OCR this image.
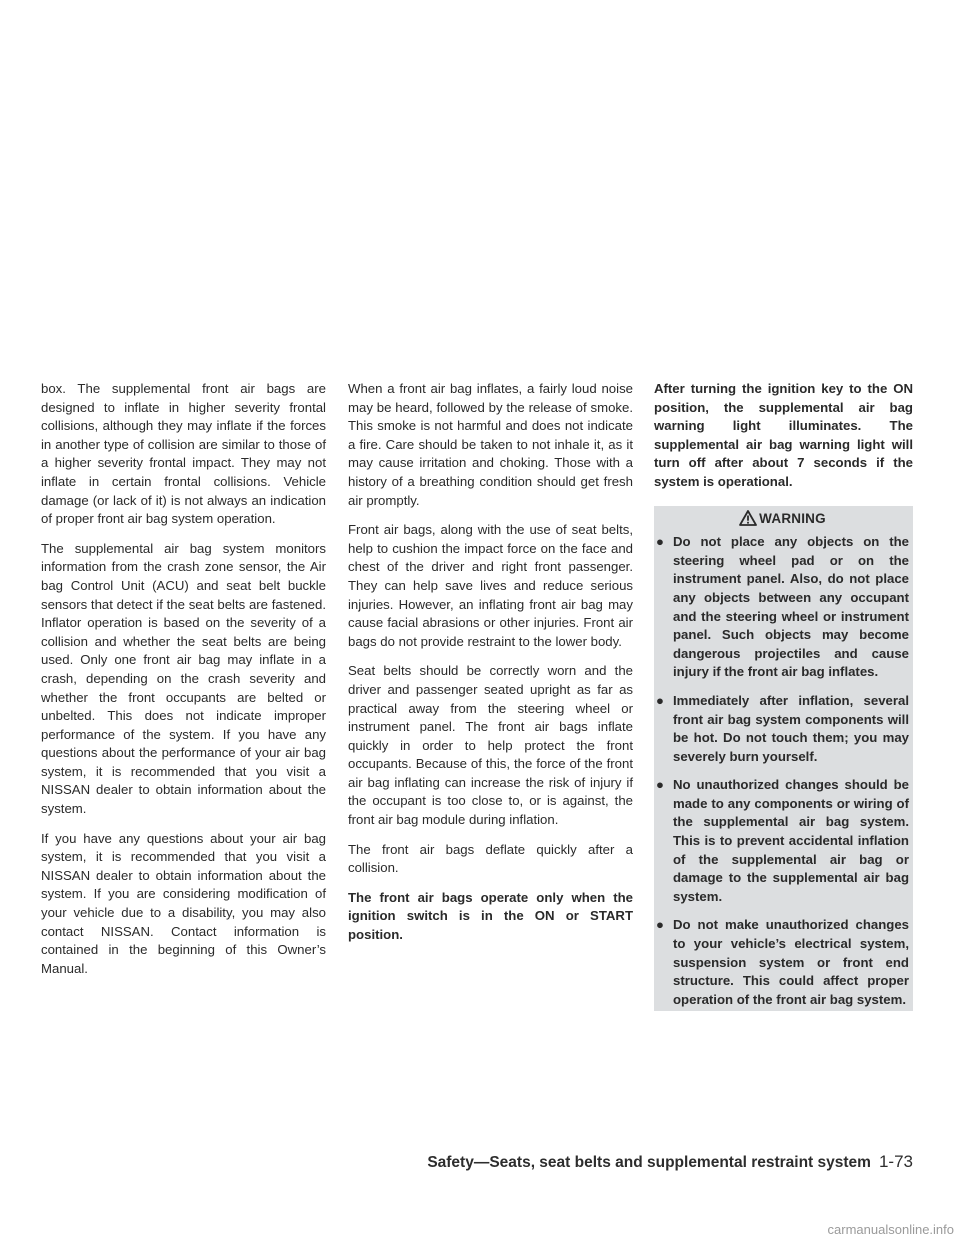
box. The supplemental front air bags are designed to inflate in higher severity frontal collisions, although they may inflate if the forces in another type of collision are similar to those of a higher severity frontal impact. They may not inflate in certain frontal collisions. Vehicle damage (or lack of it) is not always an indication of proper front air bag system operation.

The supplemental air bag system monitors information from the crash zone sensor, the Air bag Control Unit (ACU) and seat belt buckle sensors that detect if the seat belts are fastened. Inflator operation is based on the severity of a collision and whether the seat belts are being used. Only one front air bag may inflate in a crash, depending on the crash severity and whether the front occupants are belted or unbelted. This does not indicate improper performance of the system. If you have any questions about the performance of your air bag system, it is recommended that you visit a NISSAN dealer to obtain information about the system.

If you have any questions about your air bag system, it is recommended that you visit a NISSAN dealer to obtain information about the system. If you are considering modification of your vehicle due to a disability, you may also contact NISSAN. Contact information is contained in the beginning of this Owner’s Manual.

When a front air bag inflates, a fairly loud noise may be heard, followed by the release of smoke. This smoke is not harmful and does not indicate a fire. Care should be taken to not inhale it, as it may cause irritation and choking. Those with a history of a breathing condition should get fresh air promptly.

Front air bags, along with the use of seat belts, help to cushion the impact force on the face and chest of the driver and right front passenger. They can help save lives and reduce serious injuries. However, an inflating front air bag may cause facial abrasions or other injuries. Front air bags do not provide restraint to the lower body.

Seat belts should be correctly worn and the driver and passenger seated upright as far as practical away from the steering wheel or instrument panel. The front air bags inflate quickly in order to help protect the front occupants. Because of this, the force of the front air bag inflating can increase the risk of injury if the occupant is too close to, or is against, the front air bag module during inflation.

The front air bags deflate quickly after a collision.

The front air bags operate only when the ignition switch is in the ON or START position.

After turning the ignition key to the ON position, the supplemental air bag warning light illuminates. The supplemental air bag warning light will turn off after about 7 seconds if the system is operational.

WARNING
● Do not place any objects on the steering wheel pad or on the instrument panel. Also, do not place any objects between any occupant and the steering wheel or instrument panel. Such objects may become dangerous projectiles and cause injury if the front air bag inflates.
● Immediately after inflation, several front air bag system components will be hot. Do not touch them; you may severely burn yourself.
● No unauthorized changes should be made to any components or wiring of the supplemental air bag system. This is to prevent accidental inflation of the supplemental air bag or damage to the supplemental air bag system.
● Do not make unauthorized changes to your vehicle’s electrical system, suspension system or front end structure. This could affect proper operation of the front air bag system.
Safety—Seats, seat belts and supplemental restraint system 1-73
carmanualsonline.info
